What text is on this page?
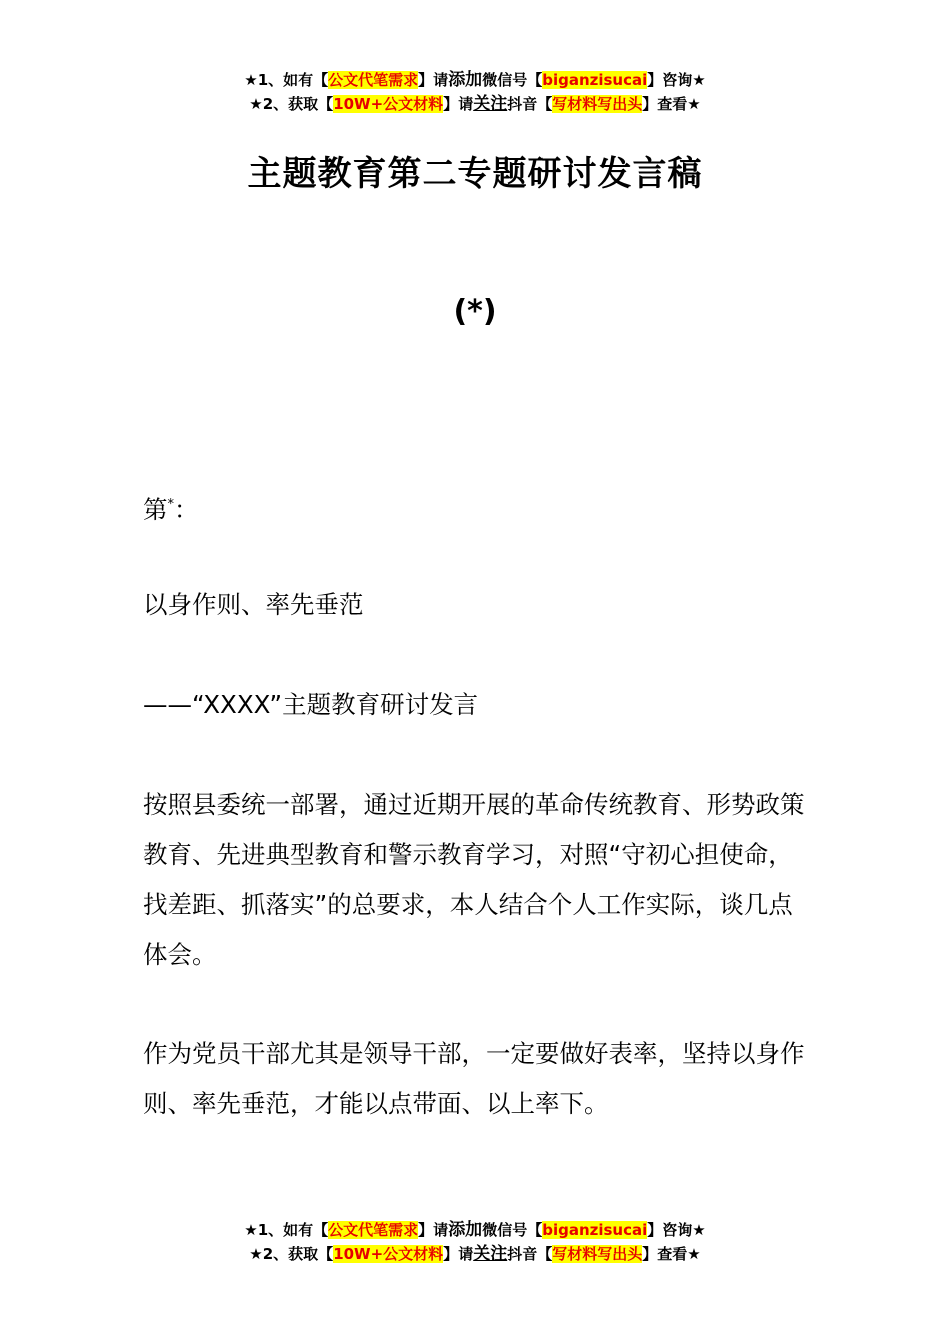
★1、如有【公文代笔需求】请添加微信号【biganzisucai】咨询★
★2、获取【10W+公文材料】请关注抖音【写材料写出头】查看★
主题教育第二专题研讨发言稿
(*)

第*：

以身作则、率先垂范

——“XXXX”主题教育研讨发言

按照县委统一部署，通过近期开展的革命传统教育、形势政策教育、先进典型教育和警示教育学习，对照“守初心担使命，找差距、抓落实”的总要求，本人结合个人工作实际，谈几点体会。

作为党员干部尤其是领导干部，一定要做好表率，坚持以身作则、率先垂范，才能以点带面、以上率下。

★1、如有【公文代笔需求】请添加微信号【biganzisucai】咨询★
★2、获取【10W+公文材料】请关注抖音【写材料写出头】查看★
